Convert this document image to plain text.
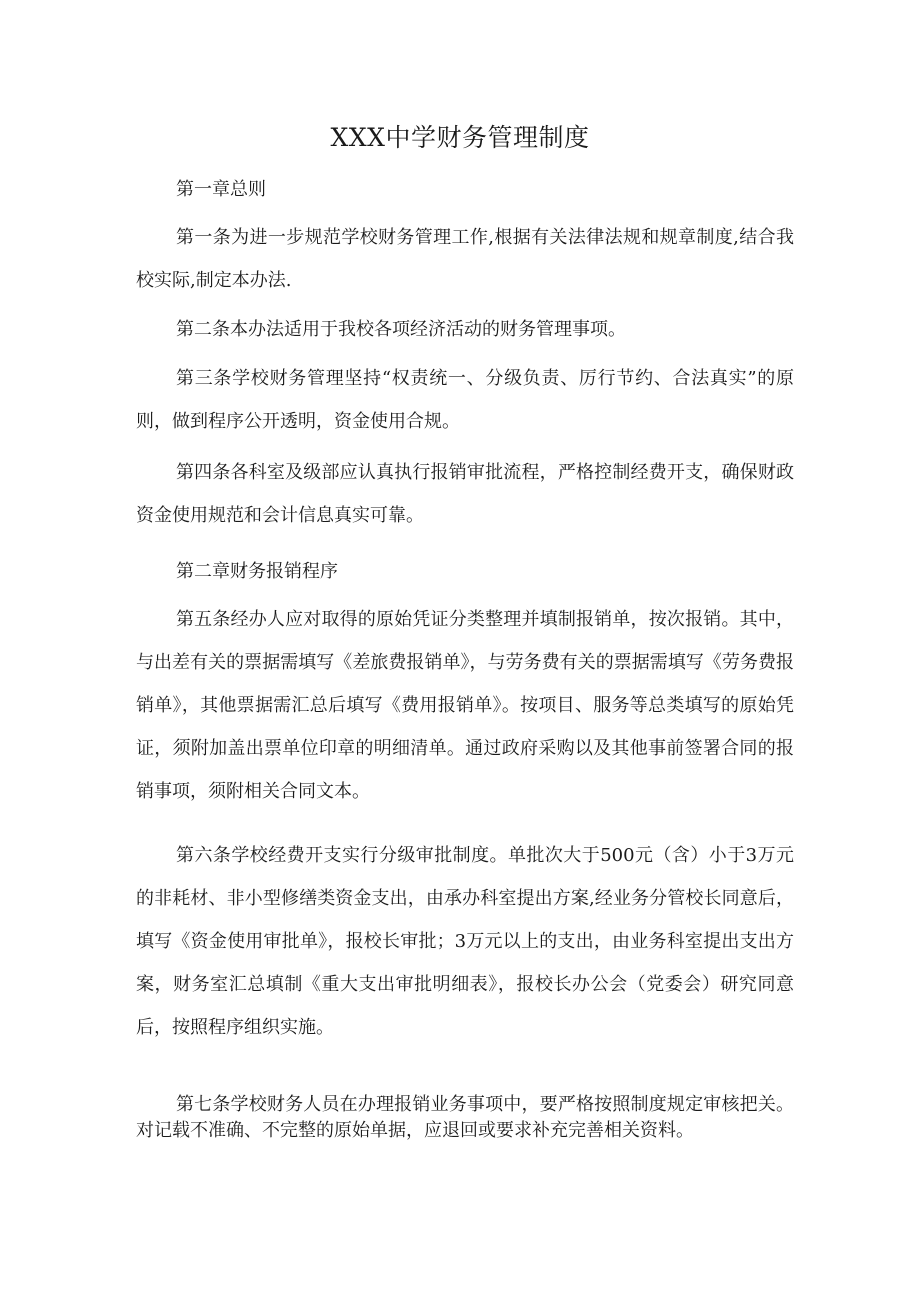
XXX中学财务管理制度

第一章总则

第一条为进一步规范学校财务管理工作,根据有关法律法规和规章制度,结合我校实际,制定本办法.

第二条本办法适用于我校各项经济活动的财务管理事项。

第三条学校财务管理坚持“权责统一、分级负责、厉行节约、合法真实”的原则，做到程序公开透明，资金使用合规。

第四条各科室及级部应认真执行报销审批流程，严格控制经费开支，确保财政资金使用规范和会计信息真实可靠。

第二章财务报销程序

第五条经办人应对取得的原始凭证分类整理并填制报销单，按次报销。其中，与出差有关的票据需填写《差旅费报销单》，与劳务费有关的票据需填写《劳务费报销单》，其他票据需汇总后填写《费用报销单》。按项目、服务等总类填写的原始凭证，须附加盖出票单位印章的明细清单。通过政府采购以及其他事前签署合同的报销事项，须附相关合同文本。

第六条学校经费开支实行分级审批制度。单批次大于500元（含）小于3万元的非耗材、非小型修缮类资金支出，由承办科室提出方案,经业务分管校长同意后，填写《资金使用审批单》，报校长审批；3万元以上的支出，由业务科室提出支出方案，财务室汇总填制《重大支出审批明细表》，报校长办公会（党委会）研究同意后，按照程序组织实施。

第七条学校财务人员在办理报销业务事项中，要严格按照制度规定审核把关。对记载不准确、不完整的原始单据，应退回或要求补充完善相关资料。
